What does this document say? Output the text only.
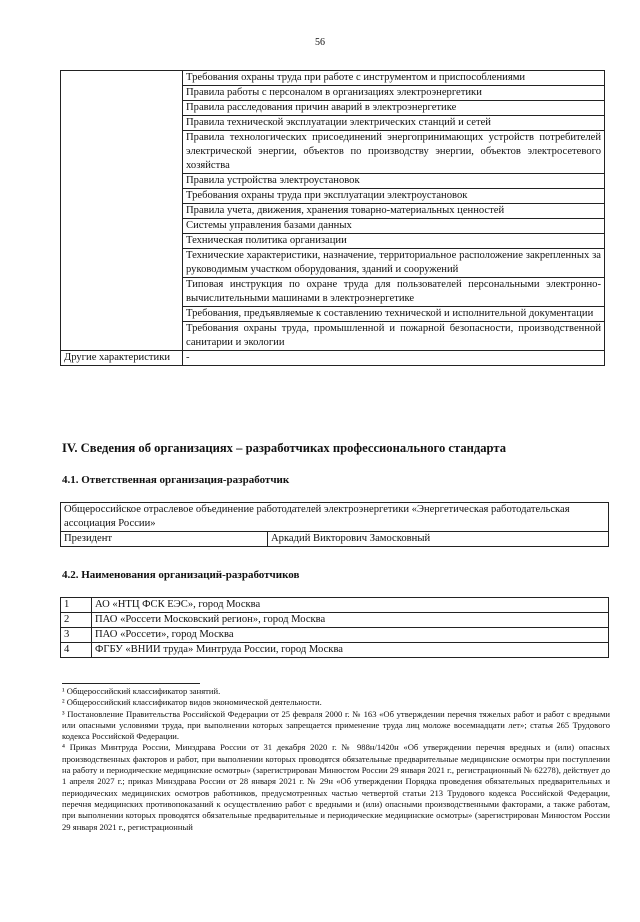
56
	Требования охраны труда при работе с инструментом и приспособлениями
	Правила работы с персоналом в организациях электроэнергетики
	Правила расследования причин аварий в электроэнергетике
	Правила технической эксплуатации электрических станций и сетей
	Правила технологических присоединений энергопринимающих устройств потребителей электрической энергии, объектов по производству энергии, объектов электросетевого хозяйства
	Правила устройства электроустановок
	Требования охраны труда при эксплуатации электроустановок
	Правила учета, движения, хранения товарно-материальных ценностей
	Системы управления базами данных
	Техническая политика организации
	Технические характеристики, назначение, территориальное расположение закрепленных за руководимым участком оборудования, зданий и сооружений
	Типовая инструкция по охране труда для пользователей персональными электронно-вычислительными машинами в электроэнергетике
	Требования, предъявляемые к составлению технической и исполнительной документации
	Требования охраны труда, промышленной и пожарной безопасности, производственной санитарии и экологии
Другие характеристики	-
IV. Сведения об организациях – разработчиках профессионального стандарта
4.1. Ответственная организация-разработчик
Общероссийское отраслевое объединение работодателей электроэнергетики «Энергетическая работодательская ассоциация России»
Президент	Аркадий Викторович Замосковный
4.2. Наименования организаций-разработчиков
1	АО «НТЦ ФСК ЕЭС», город Москва
2	ПАО «Россети Московский регион», город Москва
3	ПАО «Россети», город Москва
4	ФГБУ «ВНИИ труда» Минтруда России, город Москва

¹ Общероссийский классификатор занятий.

² Общероссийский классификатор видов экономической деятельности.

³ Постановление Правительства Российской Федерации от 25 февраля 2000 г. № 163 «Об утверждении перечня тяжелых работ и работ с вредными или опасными условиями труда, при выполнении которых запрещается применение труда лиц моложе восемнадцати лет»; статья 265 Трудового кодекса Российской Федерации.

⁴ Приказ Минтруда России, Минздрава России от 31 декабря 2020 г. № 988н/1420н «Об утверждении перечня вредных и (или) опасных производственных факторов и работ, при выполнении которых проводятся обязательные предварительные медицинские осмотры при поступлении на работу и периодические медицинские осмотры» (зарегистрирован Минюстом России 29 января 2021 г., регистрационный № 62278), действует до 1 апреля 2027 г.; приказ Минздрава России от 28 января 2021 г. № 29н «Об утверждении Порядка проведения обязательных предварительных и периодических медицинских осмотров работников, предусмотренных частью четвертой статьи 213 Трудового кодекса Российской Федерации, перечня медицинских противопоказаний к осуществлению работ с вредными и (или) опасными производственными факторами, а также работам, при выполнении которых проводятся обязательные предварительные и периодические медицинские осмотры» (зарегистрирован Минюстом России 29 января 2021 г., регистрационный
